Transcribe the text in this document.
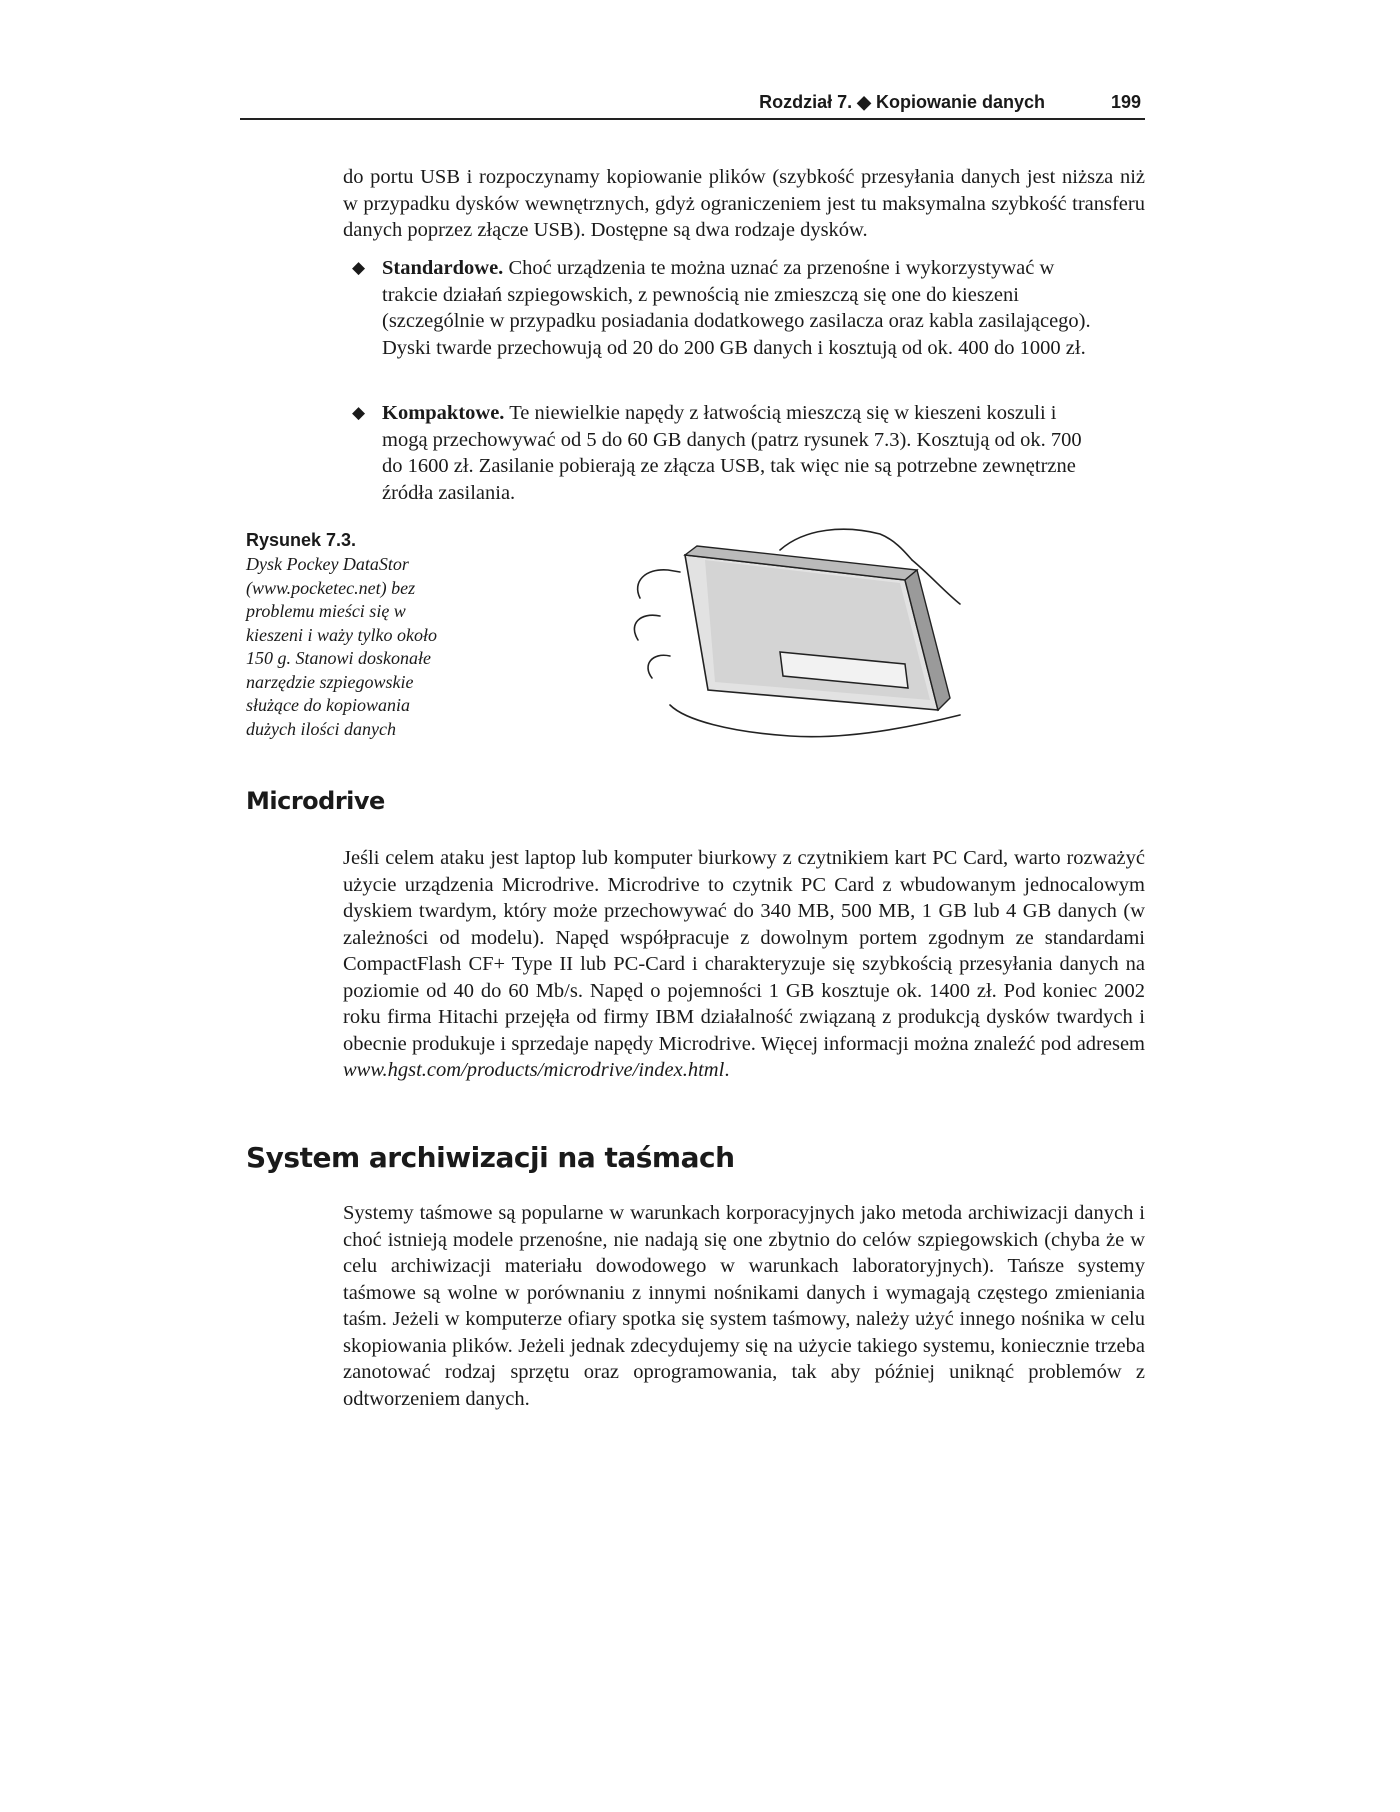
Rozdział 7. ◆ Kopiowanie danych	199

do portu USB i rozpoczynamy kopiowanie plików (szybkość przesyłania danych jest niższa niż w przypadku dysków wewnętrznych, gdyż ograniczeniem jest tu maksymalna szybkość transferu danych poprzez złącze USB). Dostępne są dwa rodzaje dysków.

◆ Standardowe. Choć urządzenia te można uznać za przenośne i wykorzystywać w trakcie działań szpiegowskich, z pewnością nie zmieszczą się one do kieszeni (szczególnie w przypadku posiadania dodatkowego zasilacza oraz kabla zasilającego). Dyski twarde przechowują od 20 do 200 GB danych i kosztują od ok. 400 do 1000 zł.

◆ Kompaktowe. Te niewielkie napędy z łatwością mieszczą się w kieszeni koszuli i mogą przechowywać od 5 do 60 GB danych (patrz rysunek 7.3). Kosztują od ok. 700 do 1600 zł. Zasilanie pobierają ze złącza USB, tak więc nie są potrzebne zewnętrzne źródła zasilania.

Rysunek 7.3.

Dysk Pockey DataStor (www.pocketec.net) bez problemu mieści się w kieszeni i waży tylko około 150 g. Stanowi doskonałe narzędzie szpiegowskie służące do kopiowania dużych ilości danych

Microdrive

Jeśli celem ataku jest laptop lub komputer biurkowy z czytnikiem kart PC Card, warto rozważyć użycie urządzenia Microdrive. Microdrive to czytnik PC Card z wbudowanym jednocalowym dyskiem twardym, który może przechowywać do 340 MB, 500 MB, 1 GB lub 4 GB danych (w zależności od modelu). Napęd współpracuje z dowolnym portem zgodnym ze standardami CompactFlash CF+ Type II lub PC-Card i charakteryzuje się szybkością przesyłania danych na poziomie od 40 do 60 Mb/s. Napęd o pojemności 1 GB kosztuje ok. 1400 zł. Pod koniec 2002 roku firma Hitachi przejęła od firmy IBM działalność związaną z produkcją dysków twardych i obecnie produkuje i sprzedaje napędy Microdrive. Więcej informacji można znaleźć pod adresem www.hgst.com/products/microdrive/index.html.

System archiwizacji na taśmach

Systemy taśmowe są popularne w warunkach korporacyjnych jako metoda archiwizacji danych i choć istnieją modele przenośne, nie nadają się one zbytnio do celów szpiegowskich (chyba że w celu archiwizacji materiału dowodowego w warunkach laboratoryjnych). Tańsze systemy taśmowe są wolne w porównaniu z innymi nośnikami danych i wymagają częstego zmieniania taśm. Jeżeli w komputerze ofiary spotka się system taśmowy, należy użyć innego nośnika w celu skopiowania plików. Jeżeli jednak zdecydujemy się na użycie takiego systemu, koniecznie trzeba zanotować rodzaj sprzętu oraz oprogramowania, tak aby później uniknąć problemów z odtworzeniem danych.
